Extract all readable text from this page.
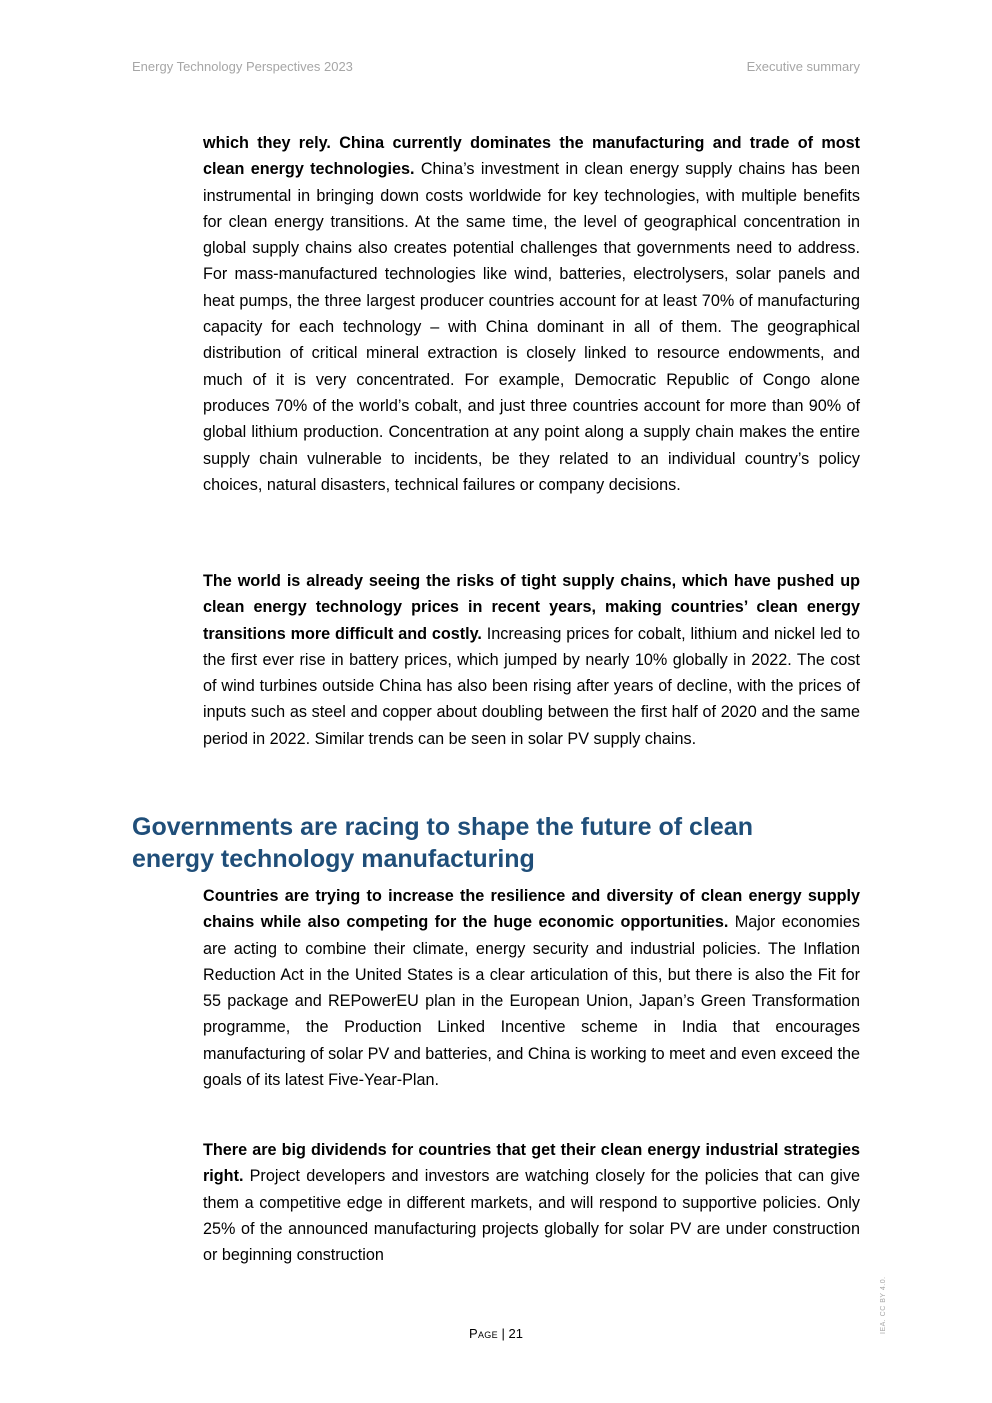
Energy Technology Perspectives 2023	Executive summary

which they rely. China currently dominates the manufacturing and trade of most clean energy technologies. China’s investment in clean energy supply chains has been instrumental in bringing down costs worldwide for key technologies, with multiple benefits for clean energy transitions. At the same time, the level of geographical concentration in global supply chains also creates potential challenges that governments need to address. For mass-manufactured technologies like wind, batteries, electrolysers, solar panels and heat pumps, the three largest producer countries account for at least 70% of manufacturing capacity for each technology – with China dominant in all of them. The geographical distribution of critical mineral extraction is closely linked to resource endowments, and much of it is very concentrated. For example, Democratic Republic of Congo alone produces 70% of the world’s cobalt, and just three countries account for more than 90% of global lithium production. Concentration at any point along a supply chain makes the entire supply chain vulnerable to incidents, be they related to an individual country’s policy choices, natural disasters, technical failures or company decisions.

The world is already seeing the risks of tight supply chains, which have pushed up clean energy technology prices in recent years, making countries’ clean energy transitions more difficult and costly. Increasing prices for cobalt, lithium and nickel led to the first ever rise in battery prices, which jumped by nearly 10% globally in 2022. The cost of wind turbines outside China has also been rising after years of decline, with the prices of inputs such as steel and copper about doubling between the first half of 2020 and the same period in 2022. Similar trends can be seen in solar PV supply chains.

Governments are racing to shape the future of clean energy technology manufacturing

Countries are trying to increase the resilience and diversity of clean energy supply chains while also competing for the huge economic opportunities. Major economies are acting to combine their climate, energy security and industrial policies. The Inflation Reduction Act in the United States is a clear articulation of this, but there is also the Fit for 55 package and REPowerEU plan in the European Union, Japan’s Green Transformation programme, the Production Linked Incentive scheme in India that encourages manufacturing of solar PV and batteries, and China is working to meet and even exceed the goals of its latest Five-Year-Plan.

There are big dividends for countries that get their clean energy industrial strategies right. Project developers and investors are watching closely for the policies that can give them a competitive edge in different markets, and will respond to supportive policies. Only 25% of the announced manufacturing projects globally for solar PV are under construction or beginning construction

Page | 21	IEA. CC BY 4.0.
